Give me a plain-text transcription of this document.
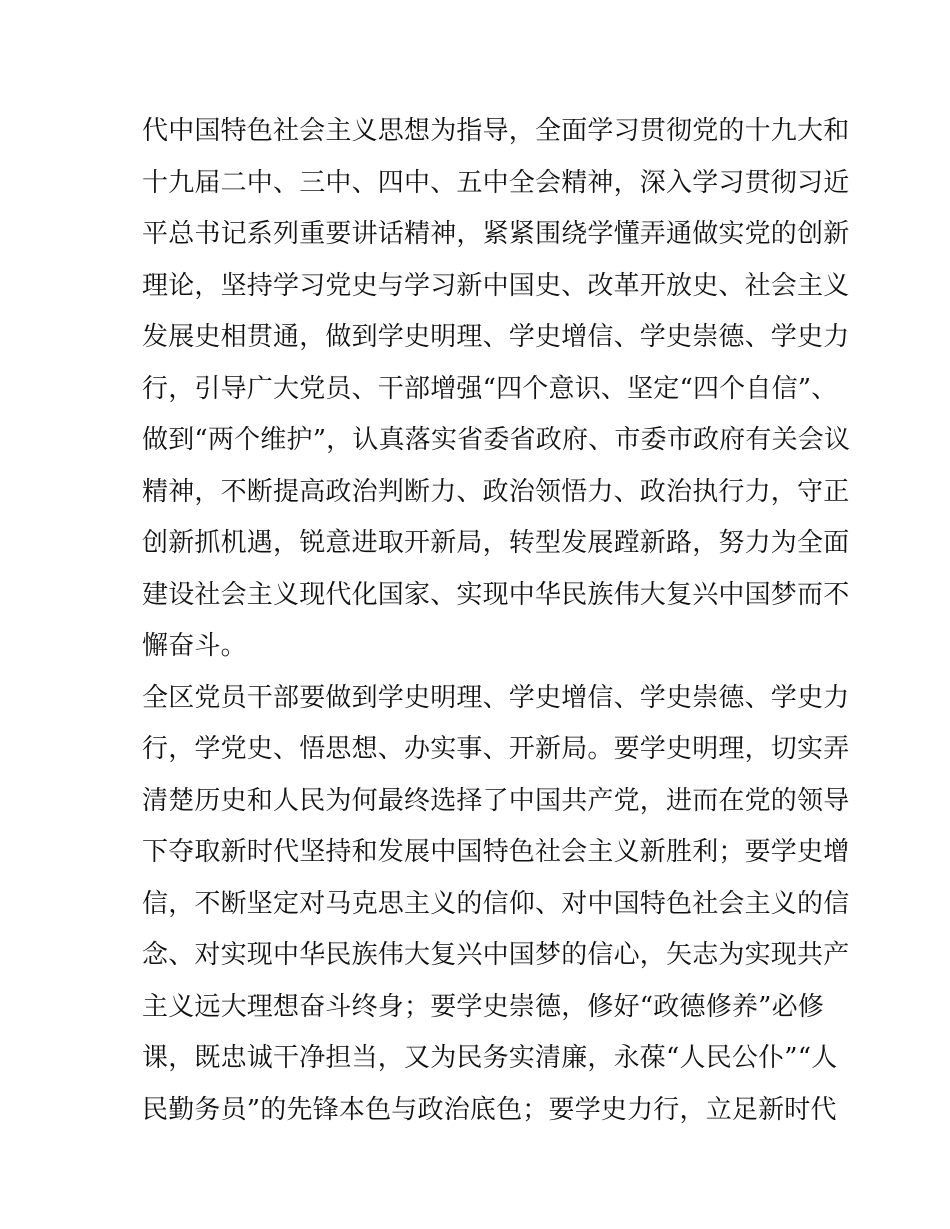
代中国特色社会主义思想为指导，全面学习贯彻党的十九大和
十九届二中、三中、四中、五中全会精神，深入学习贯彻习近
平总书记系列重要讲话精神，紧紧围绕学懂弄通做实党的创新
理论，坚持学习党史与学习新中国史、改革开放史、社会主义
发展史相贯通，做到学史明理、学史增信、学史崇德、学史力
行，引导广大党员、干部增强“四个意识、坚定“四个自信”、
做到“两个维护”，认真落实省委省政府、市委市政府有关会议
精神，不断提高政治判断力、政治领悟力、政治执行力，守正
创新抓机遇，锐意进取开新局，转型发展蹚新路，努力为全面
建设社会主义现代化国家、实现中华民族伟大复兴中国梦而不
懈奋斗。
全区党员干部要做到学史明理、学史增信、学史崇德、学史力
行，学党史、悟思想、办实事、开新局。要学史明理，切实弄
清楚历史和人民为何最终选择了中国共产党，进而在党的领导
下夺取新时代坚持和发展中国特色社会主义新胜利；要学史增
信，不断坚定对马克思主义的信仰、对中国特色社会主义的信
念、对实现中华民族伟大复兴中国梦的信心，矢志为实现共产
主义远大理想奋斗终身；要学史崇德，修好“政德修养”必修
课，既忠诚干净担当，又为民务实清廉，永葆“人民公仆”“人
民勤务员”的先锋本色与政治底色；要学史力行，立足新时代
